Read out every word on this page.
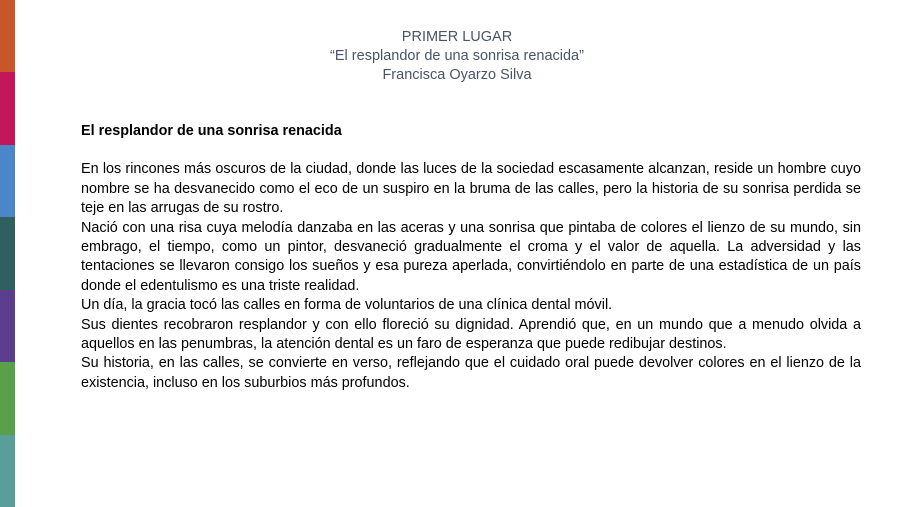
PRIMER LUGAR
“El resplandor de una sonrisa renacida”
Francisca Oyarzo Silva

El resplandor de una sonrisa renacida

En los rincones más oscuros de la ciudad, donde las luces de la sociedad escasamente alcanzan, reside un hombre cuyo nombre se ha desvanecido como el eco de un suspiro en la bruma de las calles, pero la historia de su sonrisa perdida se teje en las arrugas de su rostro.

Nació con una risa cuya melodía danzaba en las aceras y una sonrisa que pintaba de colores el lienzo de su mundo, sin embrago, el tiempo, como un pintor, desvaneció gradualmente el croma y el valor de aquella. La adversidad y las tentaciones se llevaron consigo los sueños y esa pureza aperlada, convirtiéndolo en parte de una estadística de un país donde el edentulismo es una triste realidad.

Un día, la gracia tocó las calles en forma de voluntarios de una clínica dental móvil.

Sus dientes recobraron resplandor y con ello floreció su dignidad. Aprendió que, en un mundo que a menudo olvida a aquellos en las penumbras, la atención dental es un faro de esperanza que puede redibujar destinos.

Su historia, en las calles, se convierte en verso, reflejando que el cuidado oral puede devolver colores en el lienzo de la existencia, incluso en los suburbios más profundos.
